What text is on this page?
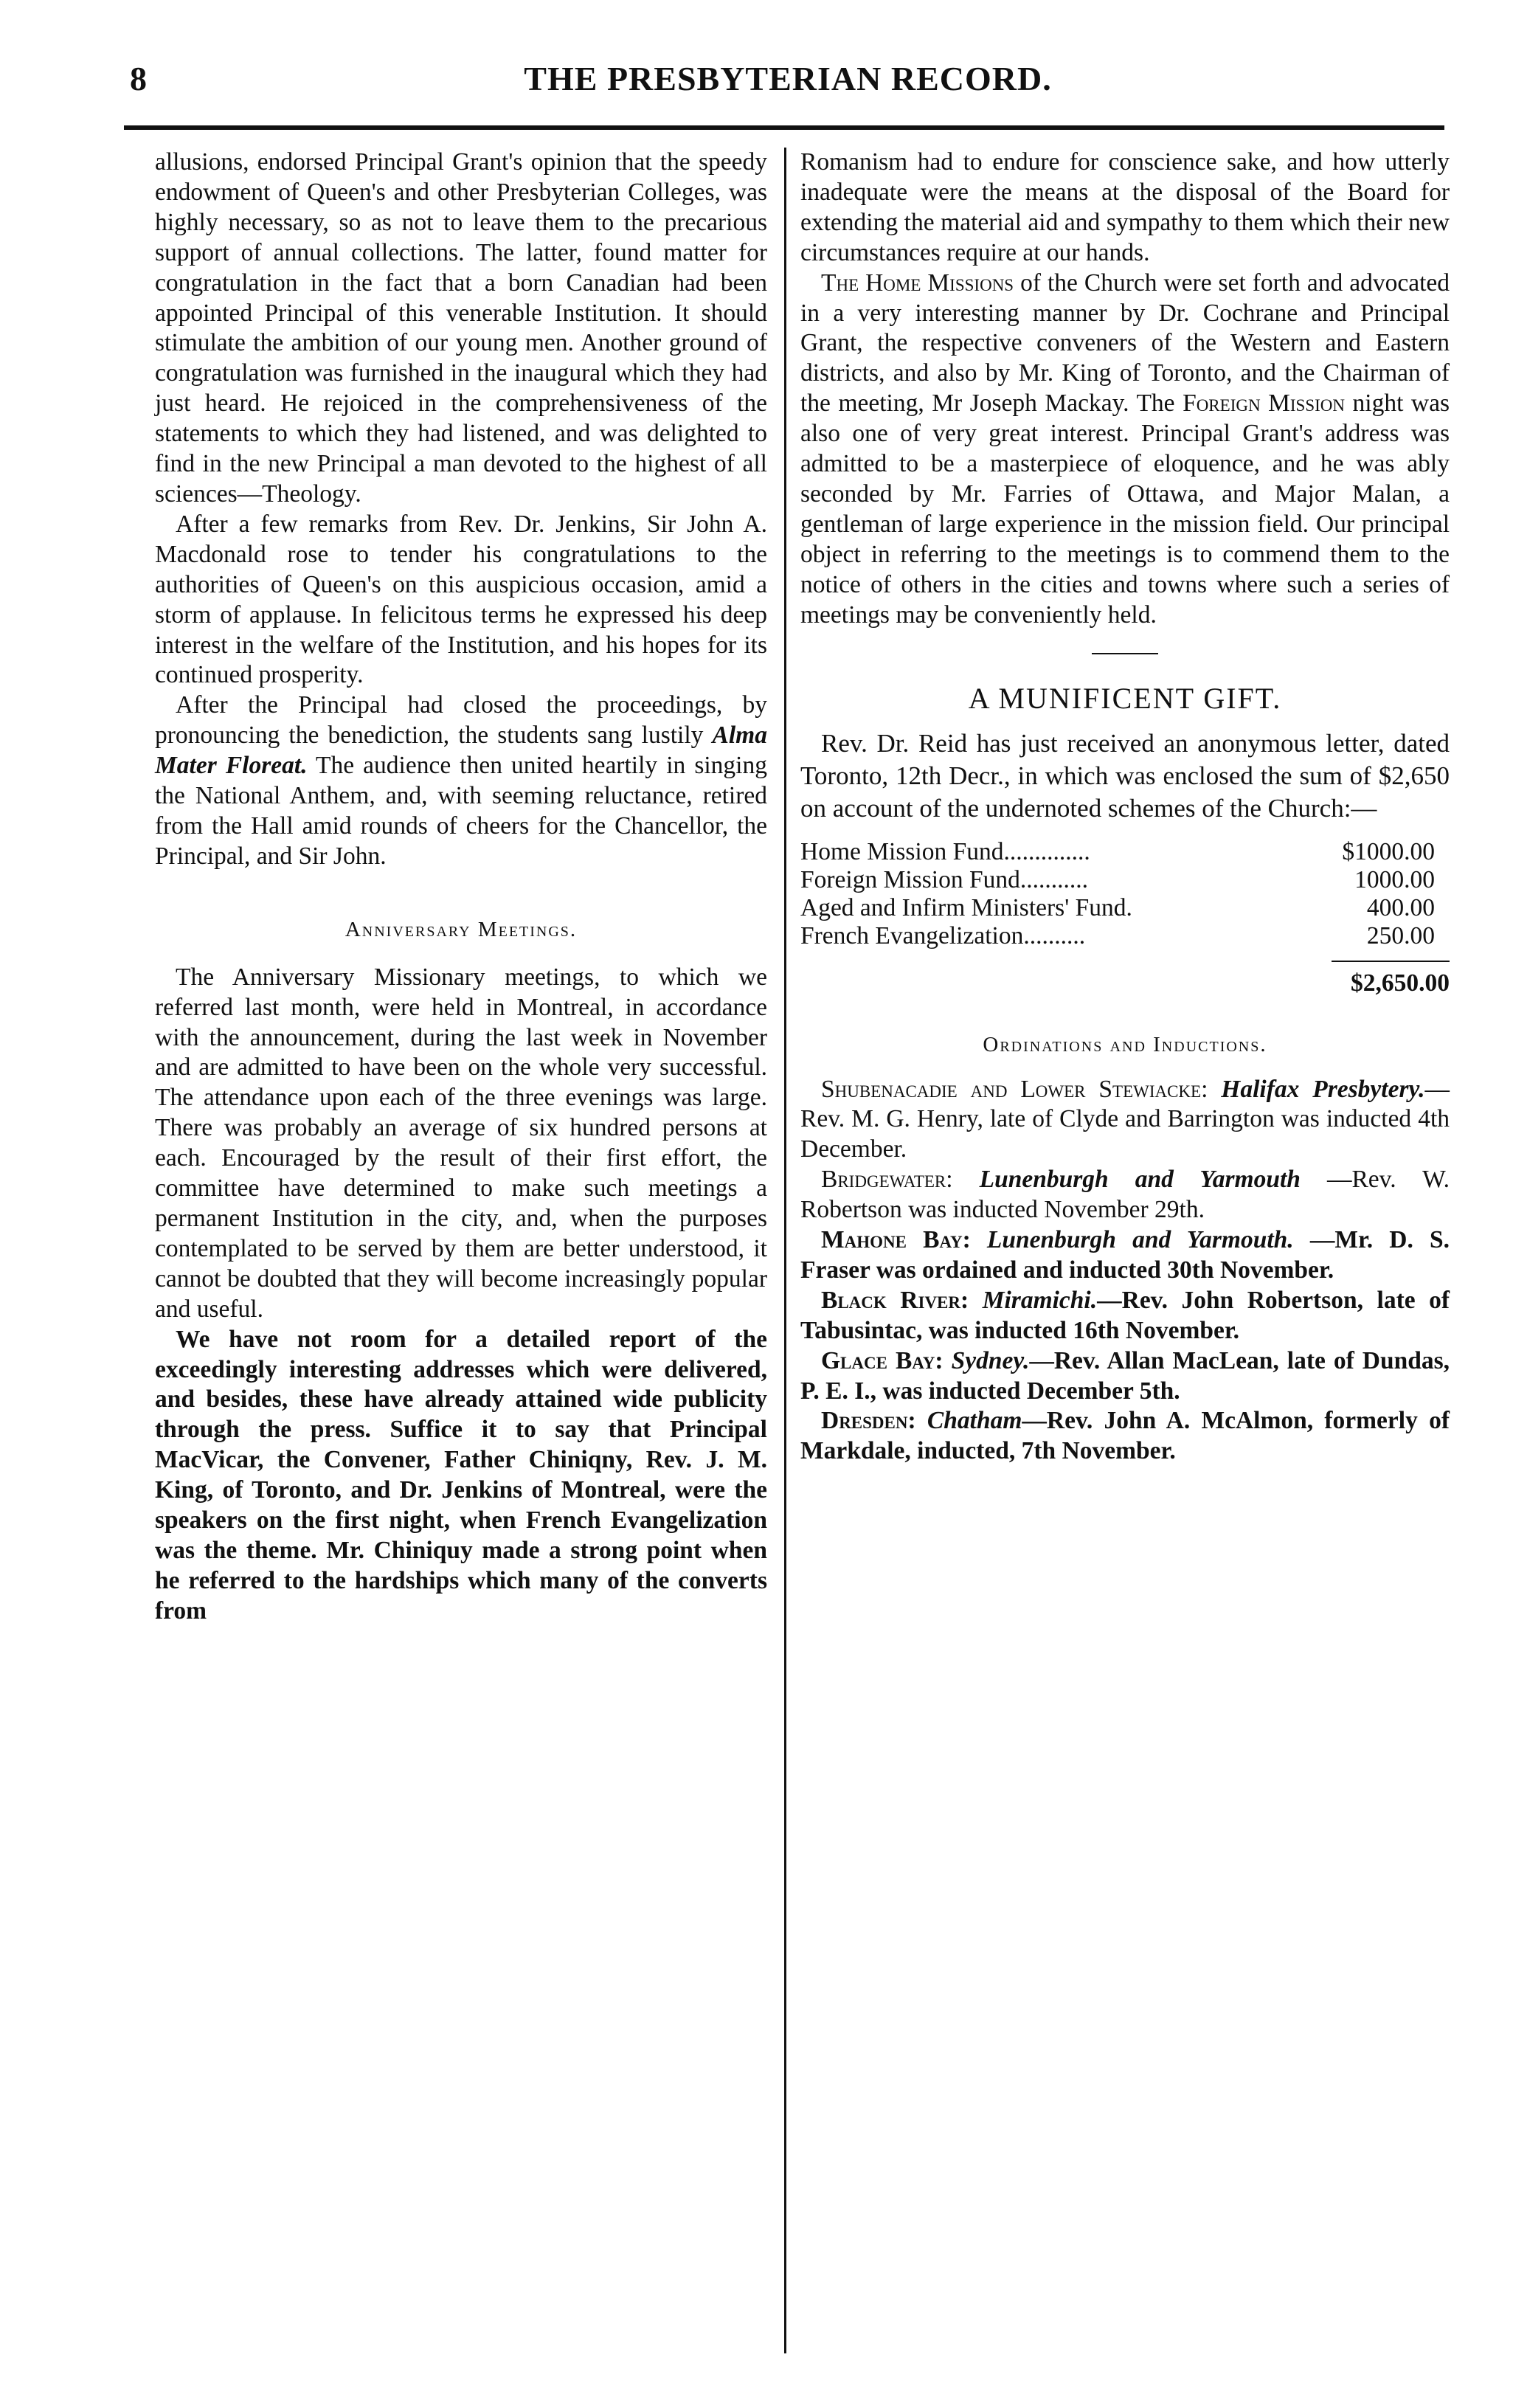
8	THE PRESBYTERIAN RECORD.

allusions, endorsed Principal Grant's opinion that the speedy endowment of Queen's and other Presbyterian Colleges, was highly necessary, so as not to leave them to the precarious support of annual collections. The latter, found matter for congratulation in the fact that a born Canadian had been appointed Principal of this venerable Institution. It should stimulate the ambition of our young men. Another ground of congratulation was furnished in the inaugural which they had just heard. He rejoiced in the comprehensiveness of the statements to which they had listened, and was delighted to find in the new Principal a man devoted to the highest of all sciences—Theology.

After a few remarks from Rev. Dr. Jenkins, Sir John A. Macdonald rose to tender his congratulations to the authorities of Queen's on this auspicious occasion, amid a storm of applause. In felicitous terms he expressed his deep interest in the welfare of the Institution, and his hopes for its continued prosperity.

After the Principal had closed the proceedings, by pronouncing the benediction, the students sang lustily Alma Mater Floreat. The audience then united heartily in singing the National Anthem, and, with seeming reluctance, retired from the Hall amid rounds of cheers for the Chancellor, the Principal, and Sir John.

Anniversary Meetings.

The Anniversary Missionary meetings, to which we referred last month, were held in Montreal, in accordance with the announcement, during the last week in November and are admitted to have been on the whole very successful. The attendance upon each of the three evenings was large. There was probably an average of six hundred persons at each. Encouraged by the result of their first effort, the committee have determined to make such meetings a permanent Institution in the city, and, when the purposes contemplated to be served by them are better understood, it cannot be doubted that they will become increasingly popular and useful.

We have not room for a detailed report of the exceedingly interesting addresses which were delivered, and besides, these have already attained wide publicity through the press. Suffice it to say that Principal MacVicar, the Convener, Father Chiniqny, Rev. J. M. King, of Toronto, and Dr. Jenkins of Montreal, were the speakers on the first night, when French Evangelization was the theme. Mr. Chiniquy made a strong point when he referred to the hardships which many of the converts from

Romanism had to endure for conscience sake, and how utterly inadequate were the means at the disposal of the Board for extending the material aid and sympathy to them which their new circumstances require at our hands.

The Home Missions of the Church were set forth and advocated in a very interesting manner by Dr. Cochrane and Principal Grant, the respective conveners of the Western and Eastern districts, and also by Mr. King of Toronto, and the Chairman of the meeting, Mr Joseph Mackay. The Foreign Mission night was also one of very great interest. Principal Grant's address was admitted to be a masterpiece of eloquence, and he was ably seconded by Mr. Farries of Ottawa, and Major Malan, a gentleman of large experience in the mission field. Our principal object in referring to the meetings is to commend them to the notice of others in the cities and towns where such a series of meetings may be conveniently held.

A MUNIFICENT GIFT.

Rev. Dr. Reid has just received an anonymous letter, dated Toronto, 12th Decr., in which was enclosed the sum of $2,650 on account of the undernoted schemes of the Church:—

Home Mission Fund..............	$1000.00
Foreign Mission Fund...........	1000.00
Aged and Infirm Ministers' Fund.	400.00
French Evangelization..........	250.00

$2,650.00

Ordinations and Inductions.

Shubenacadie and Lower Stewiacke: Halifax Presbytery.—Rev. M. G. Henry, late of Clyde and Barrington was inducted 4th December.

Bridgewater: Lunenburgh and Yarmouth —Rev. W. Robertson was inducted November 29th.

Mahone Bay: Lunenburgh and Yarmouth. —Mr. D. S. Fraser was ordained and inducted 30th November.

Black River: Miramichi.—Rev. John Robertson, late of Tabusintac, was inducted 16th November.

Glace Bay: Sydney.—Rev. Allan MacLean, late of Dundas, P. E. I., was inducted December 5th.

Dresden: Chatham—Rev. John A. McAlmon, formerly of Markdale, inducted, 7th November.
